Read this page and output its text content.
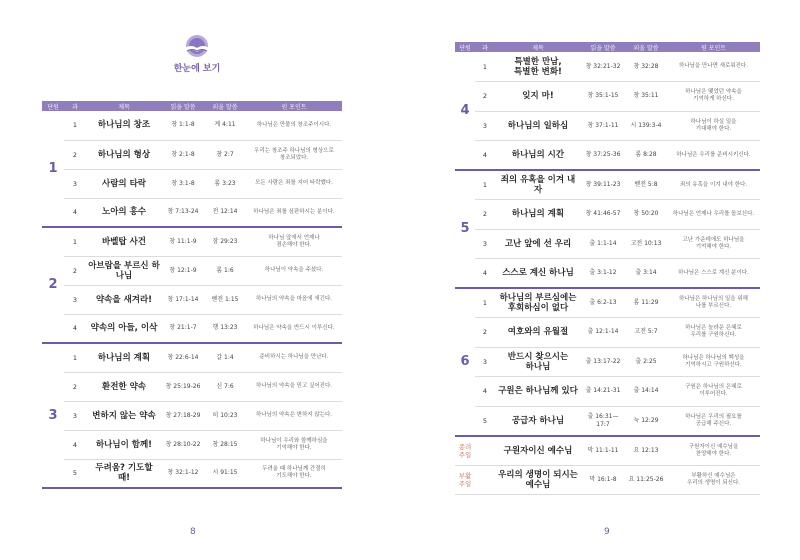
한눈에 보기
단원	과	제목	읽을 말씀	외울 말씀	원 포인트
1	1	하나님의 창조	창 1:1-8	계 4:11	하나님은 만물의 창조주이시다.
	2	하나님의 형상	창 2:1-8	창 2:7	우리는 창조주 하나님의 형상으로
창조되었다.
	3	사람의 타락	창 3:1-8	롬 3:23	모든 사람은 죄를 지어 타락했다.
	4	노아의 홍수	창 7:13-24	전 12:14	하나님은 죄를 심판하시는 분이다.
2	1	바벨탑 사건	창 11:1-9	잠 29:23	하나님 앞에서 언제나
겸손해야 한다.
	2	아브람을 부르신 하나님	창 12:1-9	롬 1:6	하나님이 약속을 주셨다.
	3	약속을 새겨라!	창 17:1-14	벧전 1:15	하나님의 약속을 마음에 새긴다.
	4	약속의 아들, 이삭	창 21:1-7	행 13:23	하나님은 약속을 반드시 이루신다.
3	1	하나님의 계획	창 22:6-14	갈 1:4	준비하시는 하나님을 만난다.
	2	환전한 약속	창 25:19-26	신 7:6	하나님의 약속을 믿고 싶어진다.
	3	변하지 않는 약속	창 27:18-29	히 10:23	하나님의 약속은 변하지 않는다.
	4	하나님이 함께!	창 28:10-22	창 28:15	하나님이 우리와 함께하심을
기억해야 한다.
	5	두려움? 기도할 때!	창 32:1-12	시 91:15	두려울 때 하나님께 간절히
기도해야 한다.
단원	과	제목	읽을 말씀	외울 말씀	원 포인트
4	1	특별한 만남,
특별한 변화!	창 32:21-32	창 32:28	하나님을 만나면 새로워진다.
	2	잊지 마!	창 35:1-15	창 35:11	하나님은 맺었던 약속을
기억하게 하신다.
	3	하나님의 일하심	창 37:1-11	시 139:3-4	하나님이 하실 일을
기대해야 한다.
	4	하나님의 시간	창 37:25-36	롬 8:28	하나님은 우리를 준비시키신다.
5	1	죄의 유혹을 이겨 내자	창 39:11-23	벧전 5:8	죄의 유혹을 이겨 내야 한다.
	2	하나님의 계획	창 41:46-57	창 50:20	하나님은 언제나 우리를 돌보신다.
	3	고난 앞에 선 우리	출 1:1-14	고전 10:13	고난 가운데에도 하나님을
기억해야 한다.
	4	스스로 계신 하나님	출 3:1-12	출 3:14	하나님은 스스로 계신 분이다.
6	1	하나님의 부르심에는
후회하심이 없다	출 6:2-13	롬 11:29	하나님은 하나님의 일을 위해
나를 부르신다.
	2	여호와의 유월절	출 12:1-14	고전 5:7	하나님은 놀라운 은혜로
우리를 구원하신다.
	3	반드시 찾으시는
하나님	출 13:17-22	출 2:25	하나님은 하나님의 백성을
기억하시고 구원하신다.
	4	구원은 하나님께 있다	출 14:21-31	출 14:14	구원은 하나님의 은혜로
이루어진다.
	5	공급자 하나님	출 16:31—17:7	눅 12:29	하나님은 우리의 필요를
공급해 주신다.
종려 주일		구원자이신 예수님	막 11:1-11	요 12:13	구원자이신 예수님을
찬양해야 한다.
부활 주일		우리의 생명이 되시는
예수님	막 16:1-8	요 11:25-26	부활하신 예수님은
우리의 생명이 되신다.
8	9
